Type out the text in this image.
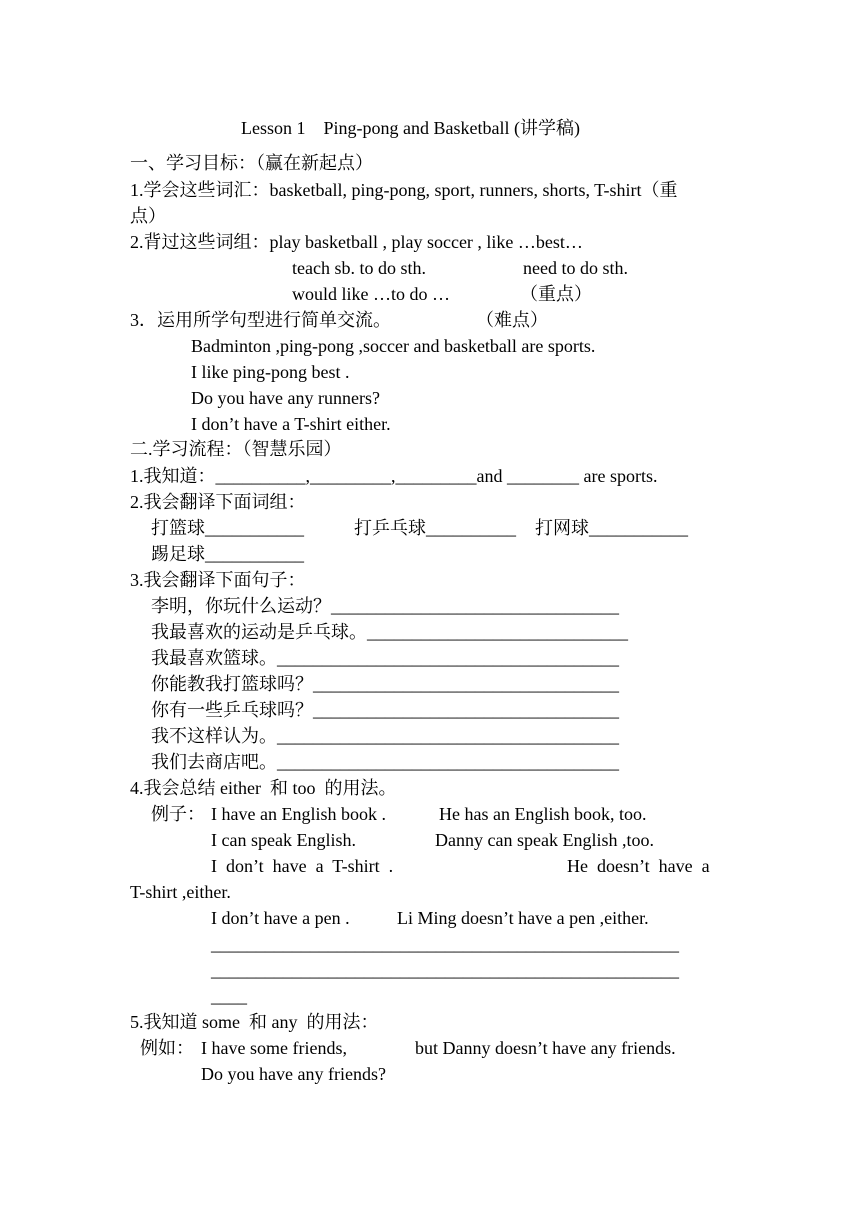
Lesson 1    Ping-pong and Basketball (讲学稿)
一、学习目标：（赢在新起点）
1.学会这些词汇：basketball, ping-pong, sport, runners, shorts, T-shirt（重
点）
2.背过这些词组：play basketball , play soccer , like …best…
teach sb. to do sth.	need to do sth.
would like …to do …	（重点）
3．运用所学句型进行简单交流。	（难点）
Badminton ,ping-pong ,soccer and basketball are sports.
I like ping-pong best .
Do you have any runners?
I don’t have a T-shirt either.
二.学习流程：（智慧乐园）
1.我知道：__________,_________,_________and ________ are sports.
2.我会翻译下面词组：
打篮球___________	打乒乓球__________ 打网球___________
踢足球___________
3.我会翻译下面句子：
李明，你玩什么运动？________________________________
我最喜欢的运动是乒乓球。_____________________________
我最喜欢篮球。______________________________________
你能教我打篮球吗？__________________________________
你有一些乒乓球吗？__________________________________
我不这样认为。______________________________________
我们去商店吧。______________________________________
4.我会总结 either  和 too  的用法。
例子： I have an English book .	He has an English book, too.
I can speak English.	Danny can speak English ,too.
I  don’t  have  a  T-shirt  .	He  doesn’t  have  a
T-shirt ,either.
I don’t have a pen .	Li Ming doesn’t have a pen ,either.
____________________________________________________
____________________________________________________
____
5.我知道 some  和 any  的用法：
例如： I have some friends,	but Danny doesn’t have any friends.
Do you have any friends?
